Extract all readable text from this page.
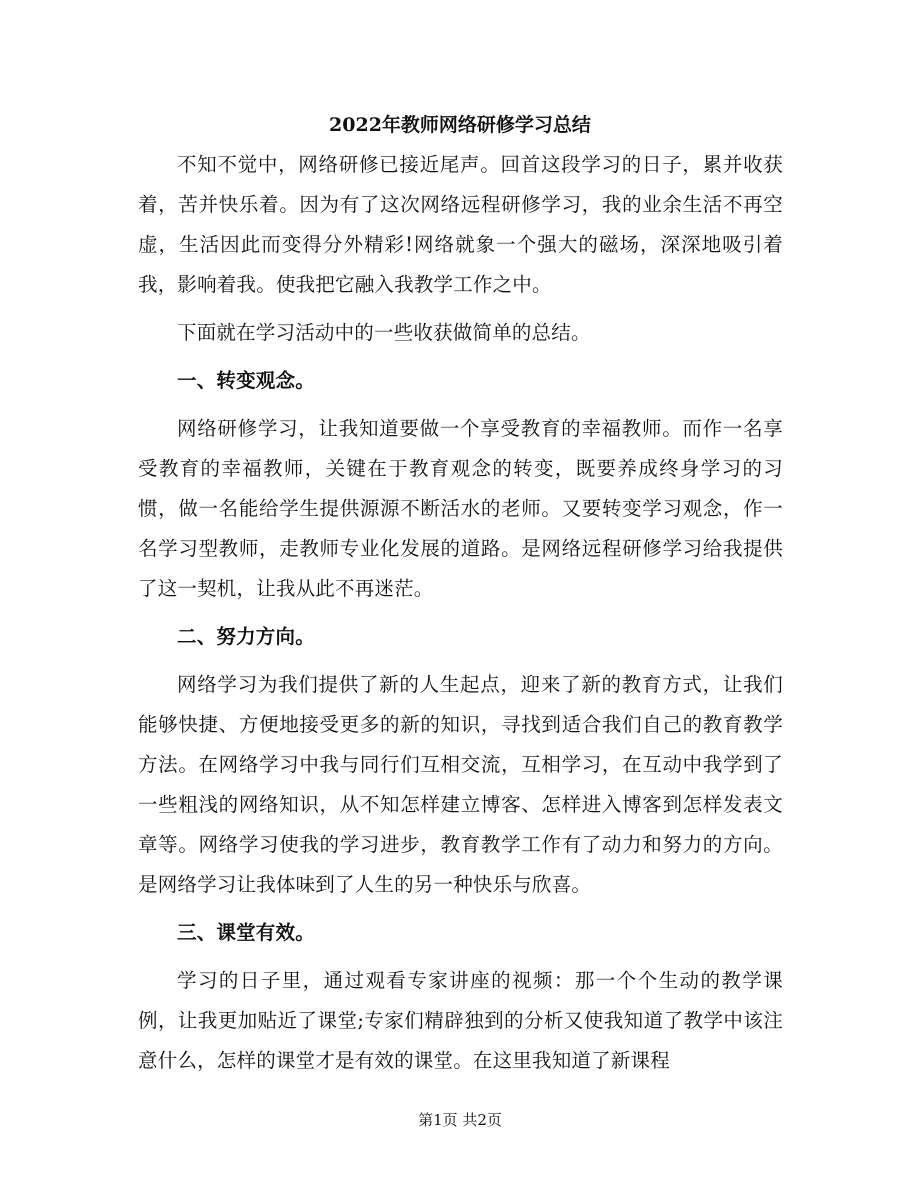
2022年教师网络研修学习总结

不知不觉中，网络研修已接近尾声。回首这段学习的日子，累并收获着，苦并快乐着。因为有了这次网络远程研修学习，我的业余生活不再空虚，生活因此而变得分外精彩!网络就象一个强大的磁场，深深地吸引着我，影响着我。使我把它融入我教学工作之中。

下面就在学习活动中的一些收获做简单的总结。

一、转变观念。

网络研修学习，让我知道要做一个享受教育的幸福教师。而作一名享受教育的幸福教师，关键在于教育观念的转变，既要养成终身学习的习惯，做一名能给学生提供源源不断活水的老师。又要转变学习观念，作一名学习型教师，走教师专业化发展的道路。是网络远程研修学习给我提供了这一契机，让我从此不再迷茫。

二、努力方向。

网络学习为我们提供了新的人生起点，迎来了新的教育方式，让我们能够快捷、方便地接受更多的新的知识，寻找到适合我们自己的教育教学方法。在网络学习中我与同行们互相交流，互相学习，在互动中我学到了一些粗浅的网络知识，从不知怎样建立博客、怎样进入博客到怎样发表文章等。网络学习使我的学习进步，教育教学工作有了动力和努力的方向。是网络学习让我体味到了人生的另一种快乐与欣喜。

三、课堂有效。

学习的日子里，通过观看专家讲座的视频：那一个个生动的教学课例，让我更加贴近了课堂;专家们精辟独到的分析又使我知道了教学中该注意什么，怎样的课堂才是有效的课堂。在这里我知道了新课程

第1页 共2页
